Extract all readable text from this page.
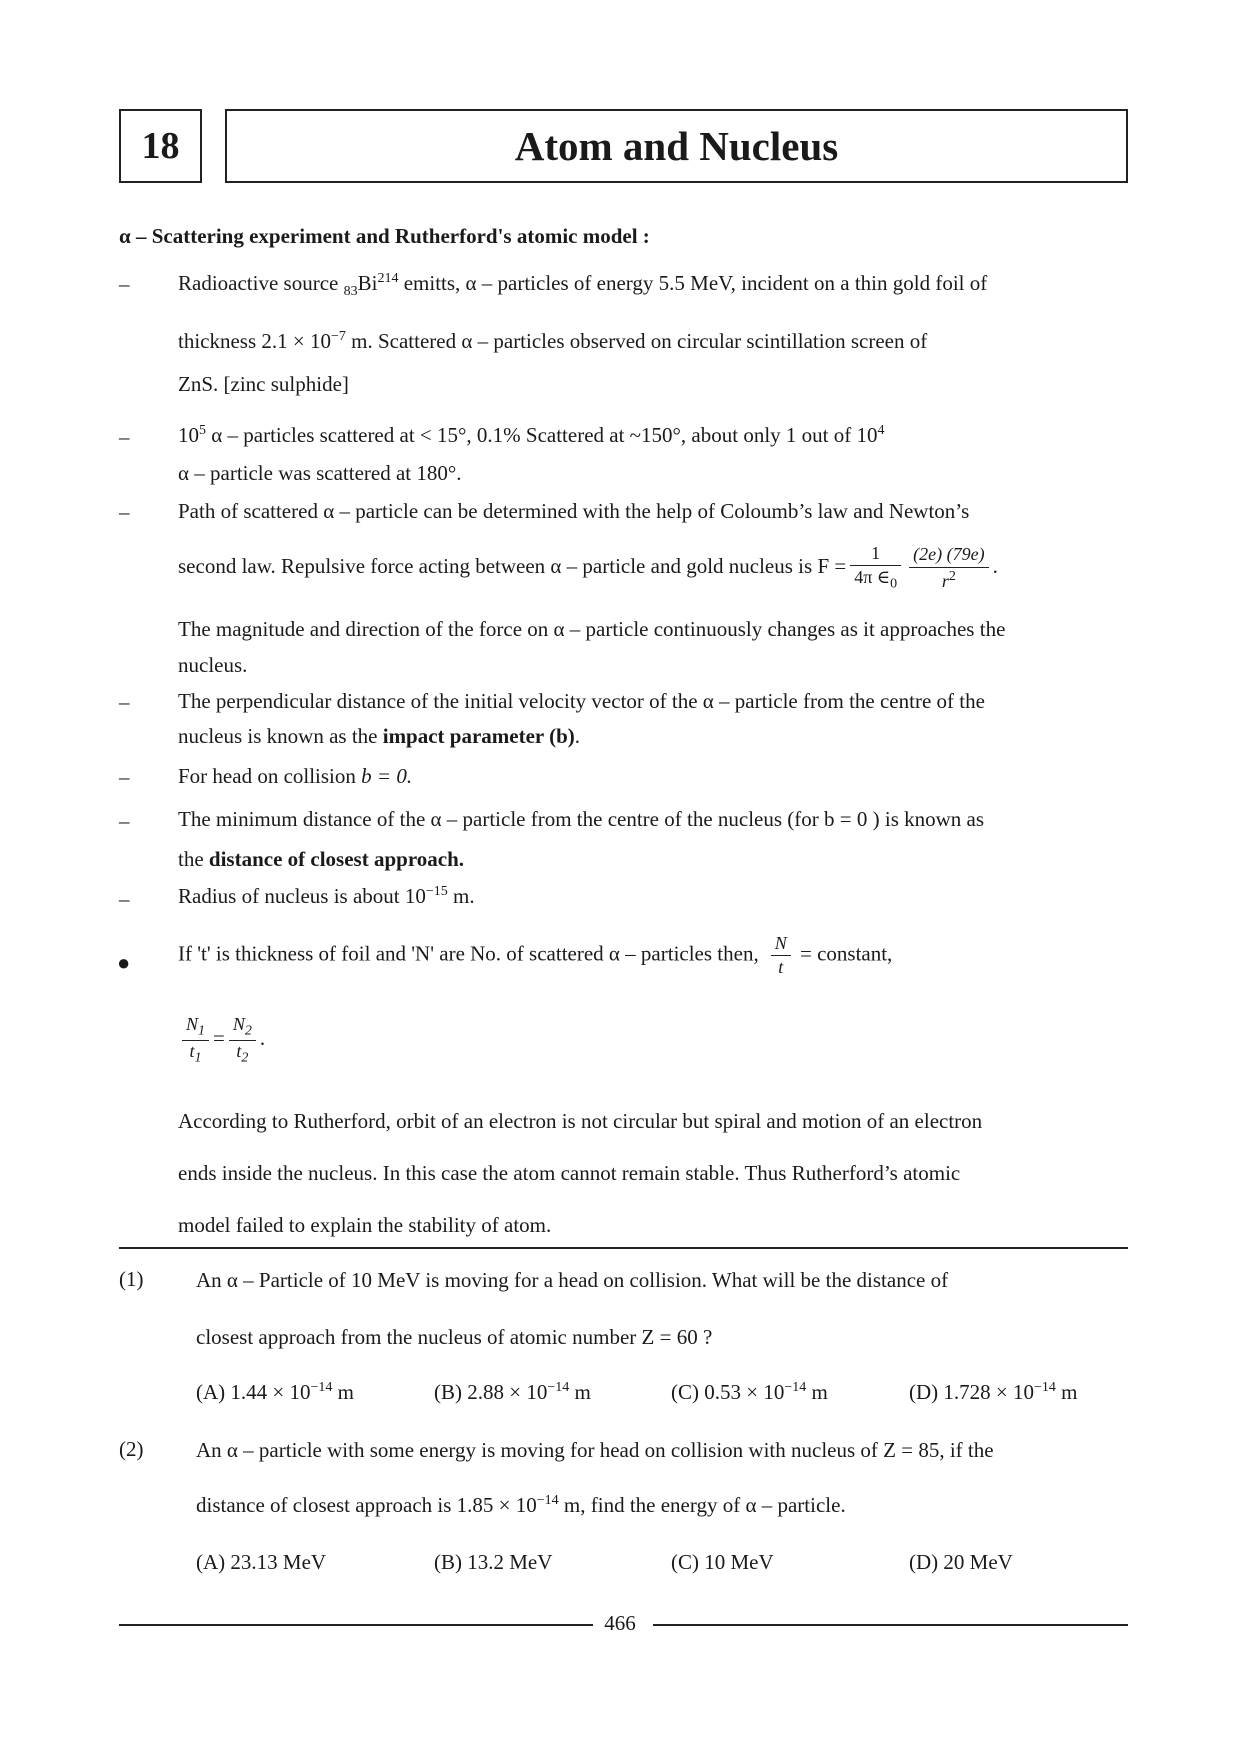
18	Atom and Nucleus
α – Scattering experiment and Rutherford's atomic model :
– Radioactive source $_{83}Bi^{214}$ emitts, α – particles of energy 5.5 MeV, incident on a thin gold foil of
thickness $2.1 \times 10^{-7}$ m. Scattered α – particles observed on circular scintillation screen of
ZnS. [zinc sulphide]
– $10^5$ α – particles scattered at < 15°, 0.1% Scattered at ~150°, about only 1 out of $10^4$
α – particle was scattered at 180°.
– Path of scattered α – particle can be determined with the help of Coloumb’s law and Newton’s
second law. Repulsive force acting between α – particle and gold nucleus is $F = \frac{1}{4\pi \in_0} \frac{(2e) (79e)}{r^2}$ .
The magnitude and direction of the force on α – particle continuously changes as it approaches the
nucleus.
– The perpendicular distance of the initial velocity vector of the α – particle from the centre of the
nucleus is known as the impact parameter (b).
– For head on collision b = 0.
– The minimum distance of the α – particle from the centre of the nucleus (for b = 0 ) is known as
the distance of closest approach.
– Radius of nucleus is about $10^{-15}$ m.
● If 't' is thickness of foil and 'N' are No. of scattered α – particles then, $\frac{N}{t}$ = constant,
$\frac{N_1}{t_1} = \frac{N_2}{t_2}$ .
According to Rutherford, orbit of an electron is not circular but spiral and motion of an electron
ends inside the nucleus. In this case the atom cannot remain stable. Thus Rutherford’s atomic
model failed to explain the stability of atom.
(1)	An α – Particle of 10 MeV is moving for a head on collision. What will be the distance of
closest approach from the nucleus of atomic number Z = 60 ?
(A) $1.44 \times 10^{-14}$ m	(B) $2.88 \times 10^{-14}$ m	(C) $0.53 \times 10^{-14}$ m	(D) $1.728 \times 10^{-14}$ m
(2)	An α – particle with some energy is moving for head on collision with nucleus of Z = 85, if the
distance of closest approach is $1.85 \times 10^{-14}$ m, find the energy of α – particle.
(A) 23.13 MeV	(B) 13.2 MeV	(C) 10 MeV	(D) 20 MeV
466
